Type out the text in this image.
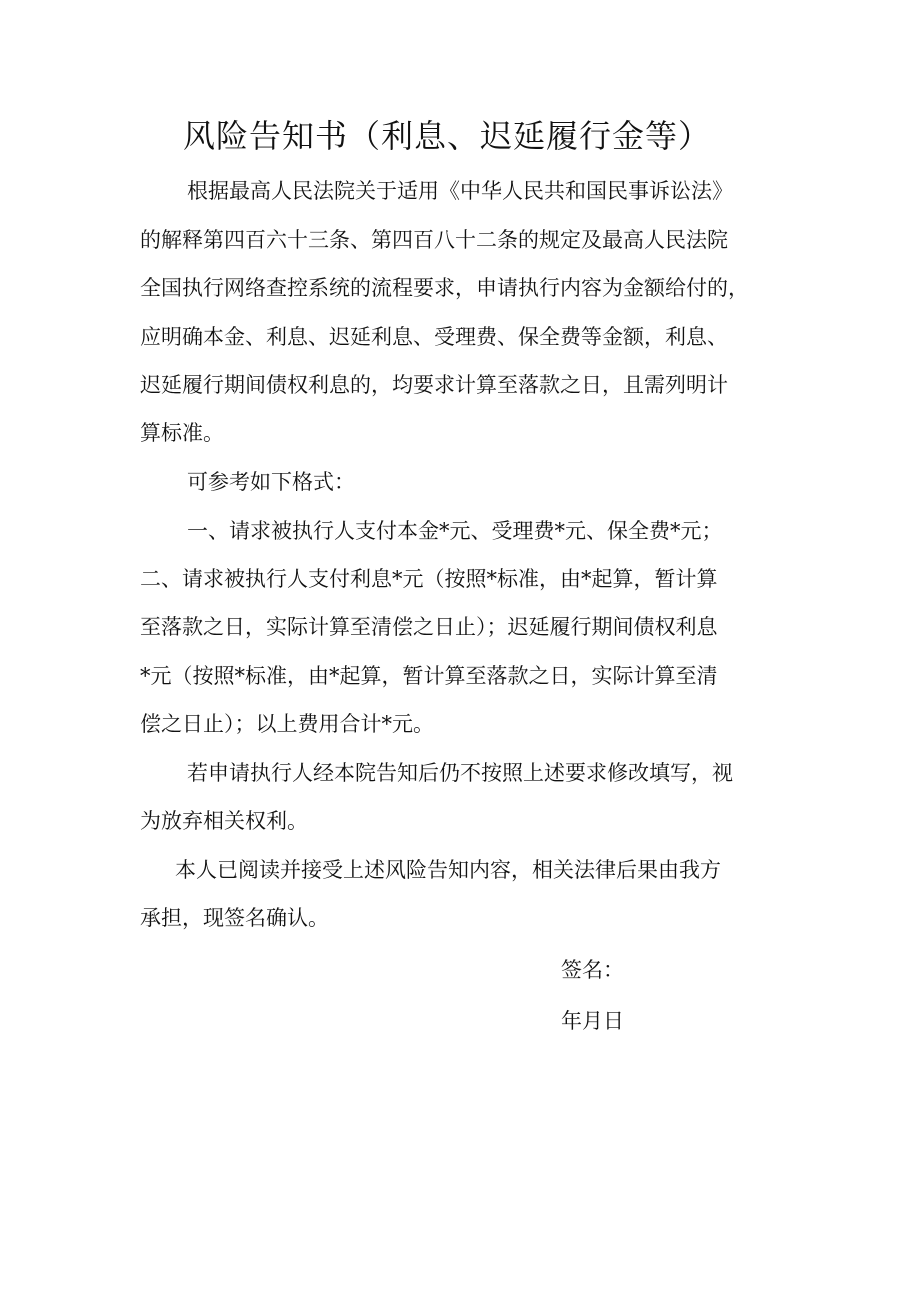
风险告知书（利息、迟延履行金等）
根据最高人民法院关于适用《中华人民共和国民事诉讼法》
的解释第四百六十三条、第四百八十二条的规定及最高人民法院
全国执行网络查控系统的流程要求，申请执行内容为金额给付的，
应明确本金、利息、迟延利息、受理费、保全费等金额，利息、
迟延履行期间债权利息的，均要求计算至落款之日，且需列明计
算标准。
可参考如下格式：
一、请求被执行人支付本金*元、受理费*元、保全费*元；
二、请求被执行人支付利息*元（按照*标准，由*起算，暂计算
至落款之日，实际计算至清偿之日止）；迟延履行期间债权利息
*元（按照*标准，由*起算，暂计算至落款之日，实际计算至清
偿之日止）；以上费用合计*元。
若申请执行人经本院告知后仍不按照上述要求修改填写，视
为放弃相关权利。
本人已阅读并接受上述风险告知内容，相关法律后果由我方
承担，现签名确认。
签名：
年月日
